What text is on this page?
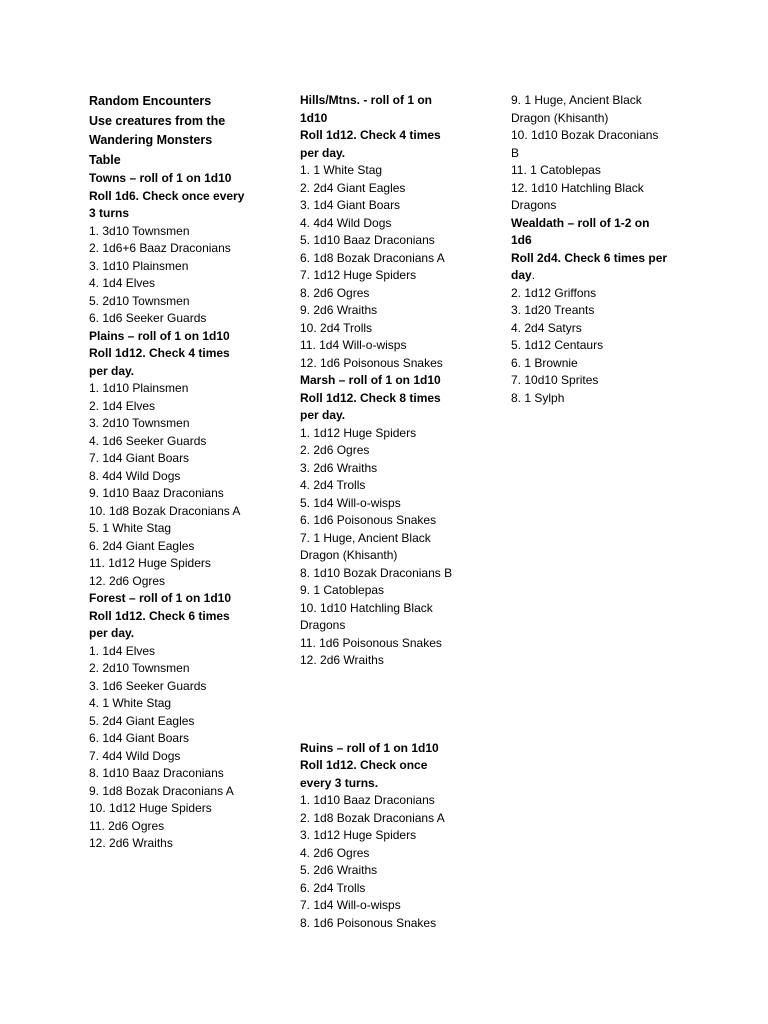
Random Encounters
Use creatures from the
Wandering Monsters
Table
Towns – roll of 1 on 1d10
Roll 1d6. Check once every
3 turns
1. 3d10 Townsmen
2. 1d6+6 Baaz Draconians
3. 1d10 Plainsmen
4. 1d4 Elves
5. 2d10 Townsmen
6. 1d6 Seeker Guards
Plains – roll of 1 on 1d10
Roll 1d12. Check 4 times
per day.
1. 1d10 Plainsmen
2. 1d4 Elves
3. 2d10 Townsmen
4. 1d6 Seeker Guards
7. 1d4 Giant Boars
8. 4d4 Wild Dogs
9. 1d10 Baaz Draconians
10. 1d8 Bozak Draconians A
5. 1 White Stag
6. 2d4 Giant Eagles
11. 1d12 Huge Spiders
12. 2d6 Ogres
Forest – roll of 1 on 1d10
Roll 1d12. Check 6 times
per day.
1. 1d4 Elves
2. 2d10 Townsmen
3. 1d6 Seeker Guards
4. 1 White Stag
5. 2d4 Giant Eagles
6. 1d4 Giant Boars
7. 4d4 Wild Dogs
8. 1d10 Baaz Draconians
9. 1d8 Bozak Draconians A
10. 1d12 Huge Spiders
11. 2d6 Ogres
12. 2d6 Wraiths
Hills/Mtns. - roll of 1 on
1d10
Roll 1d12. Check 4 times
per day.
1. 1 White Stag
2. 2d4 Giant Eagles
3. 1d4 Giant Boars
4. 4d4 Wild Dogs
5. 1d10 Baaz Draconians
6. 1d8 Bozak Draconians A
7. 1d12 Huge Spiders
8. 2d6 Ogres
9. 2d6 Wraiths
10. 2d4 Trolls
11. 1d4 Will-o-wisps
12. 1d6 Poisonous Snakes
Marsh – roll of 1 on 1d10
Roll 1d12. Check 8 times
per day.
1. 1d12 Huge Spiders
2. 2d6 Ogres
3. 2d6 Wraiths
4. 2d4 Trolls
5. 1d4 Will-o-wisps
6. 1d6 Poisonous Snakes
7. 1 Huge, Ancient Black
Dragon (Khisanth)
8. 1d10 Bozak Draconians B
9. 1 Catoblepas
10. 1d10 Hatchling Black
Dragons
11. 1d6 Poisonous Snakes
12. 2d6 Wraiths
Ruins – roll of 1 on 1d10
Roll 1d12. Check once
every 3 turns.
1. 1d10 Baaz Draconians
2. 1d8 Bozak Draconians A
3. 1d12 Huge Spiders
4. 2d6 Ogres
5. 2d6 Wraiths
6. 2d4 Trolls
7. 1d4 Will-o-wisps
8. 1d6 Poisonous Snakes
9. 1 Huge, Ancient Black
Dragon (Khisanth)
10. 1d10 Bozak Draconians
B
11. 1 Catoblepas
12. 1d10 Hatchling Black
Dragons
Wealdath – roll of 1-2 on
1d6
Roll 2d4. Check 6 times per
day.
2. 1d12 Griffons
3. 1d20 Treants
4. 2d4 Satyrs
5. 1d12 Centaurs
6. 1 Brownie
7. 10d10 Sprites
8. 1 Sylph
